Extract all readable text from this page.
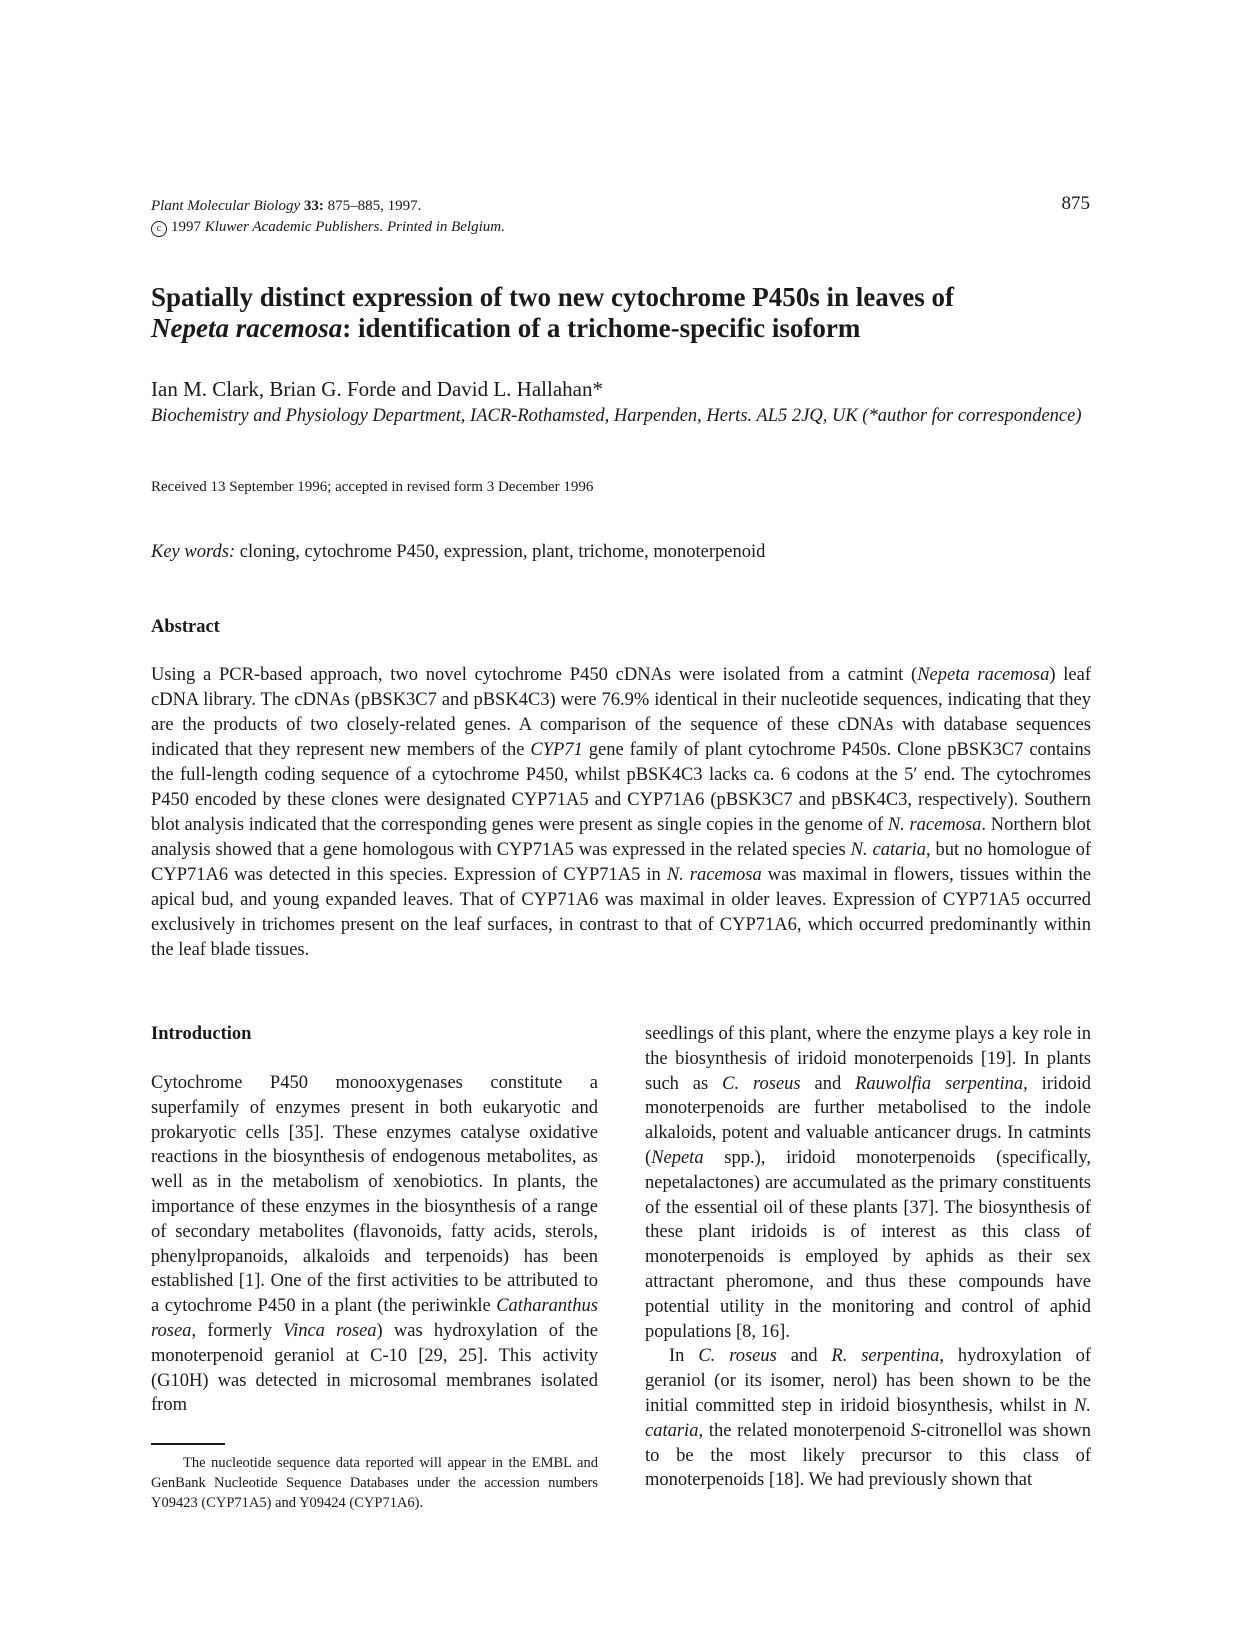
Plant Molecular Biology 33: 875–885, 1997.
c 1997 Kluwer Academic Publishers. Printed in Belgium.
875
Spatially distinct expression of two new cytochrome P450s in leaves of
Nepeta racemosa: identification of a trichome-specific isoform
Ian M. Clark, Brian G. Forde and David L. Hallahan*
Biochemistry and Physiology Department, IACR-Rothamsted, Harpenden, Herts. AL5 2JQ, UK (*author for correspondence)
Received 13 September 1996; accepted in revised form 3 December 1996
Key words: cloning, cytochrome P450, expression, plant, trichome, monoterpenoid
Abstract

Using a PCR-based approach, two novel cytochrome P450 cDNAs were isolated from a catmint (Nepeta racemosa) leaf cDNA library. The cDNAs (pBSK3C7 and pBSK4C3) were 76.9% identical in their nucleotide sequences, indicating that they are the products of two closely-related genes. A comparison of the sequence of these cDNAs with database sequences indicated that they represent new members of the CYP71 gene family of plant cytochrome P450s. Clone pBSK3C7 contains the full-length coding sequence of a cytochrome P450, whilst pBSK4C3 lacks ca. 6 codons at the 5′ end. The cytochromes P450 encoded by these clones were designated CYP71A5 and CYP71A6 (pBSK3C7 and pBSK4C3, respectively). Southern blot analysis indicated that the corresponding genes were present as single copies in the genome of N. racemosa. Northern blot analysis showed that a gene homologous with CYP71A5 was expressed in the related species N. cataria, but no homologue of CYP71A6 was detected in this species. Expression of CYP71A5 in N. racemosa was maximal in flowers, tissues within the apical bud, and young expanded leaves. That of CYP71A6 was maximal in older leaves. Expression of CYP71A5 occurred exclusively in trichomes present on the leaf surfaces, in contrast to that of CYP71A6, which occurred predominantly within the leaf blade tissues.

Introduction

Cytochrome P450 monooxygenases constitute a superfamily of enzymes present in both eukaryotic and prokaryotic cells [35]. These enzymes catalyse oxidative reactions in the biosynthesis of endogenous metabolites, as well as in the metabolism of xenobiotics. In plants, the importance of these enzymes in the biosynthesis of a range of secondary metabolites (flavonoids, fatty acids, sterols, phenylpropanoids, alkaloids and terpenoids) has been established [1]. One of the first activities to be attributed to a cytochrome P450 in a plant (the periwinkle Catharanthus rosea, formerly Vinca rosea) was hydroxylation of the monoterpenoid geraniol at C-10 [29, 25]. This activity (G10H) was detected in microsomal membranes isolated from

seedlings of this plant, where the enzyme plays a key role in the biosynthesis of iridoid monoterpenoids [19]. In plants such as C. roseus and Rauwolfia serpentina, iridoid monoterpenoids are further metabolised to the indole alkaloids, potent and valuable anticancer drugs. In catmints (Nepeta spp.), iridoid monoterpenoids (specifically, nepetalactones) are accumulated as the primary constituents of the essential oil of these plants [37]. The biosynthesis of these plant iridoids is of interest as this class of monoterpenoids is employed by aphids as their sex attractant pheromone, and thus these compounds have potential utility in the monitoring and control of aphid populations [8, 16].

In C. roseus and R. serpentina, hydroxylation of geraniol (or its isomer, nerol) has been shown to be the initial committed step in iridoid biosynthesis, whilst in N. cataria, the related monoterpenoid S-citronellol was shown to be the most likely precursor to this class of monoterpenoids [18]. We had previously shown that

The nucleotide sequence data reported will appear in the EMBL and GenBank Nucleotide Sequence Databases under the accession numbers Y09423 (CYP71A5) and Y09424 (CYP71A6).
